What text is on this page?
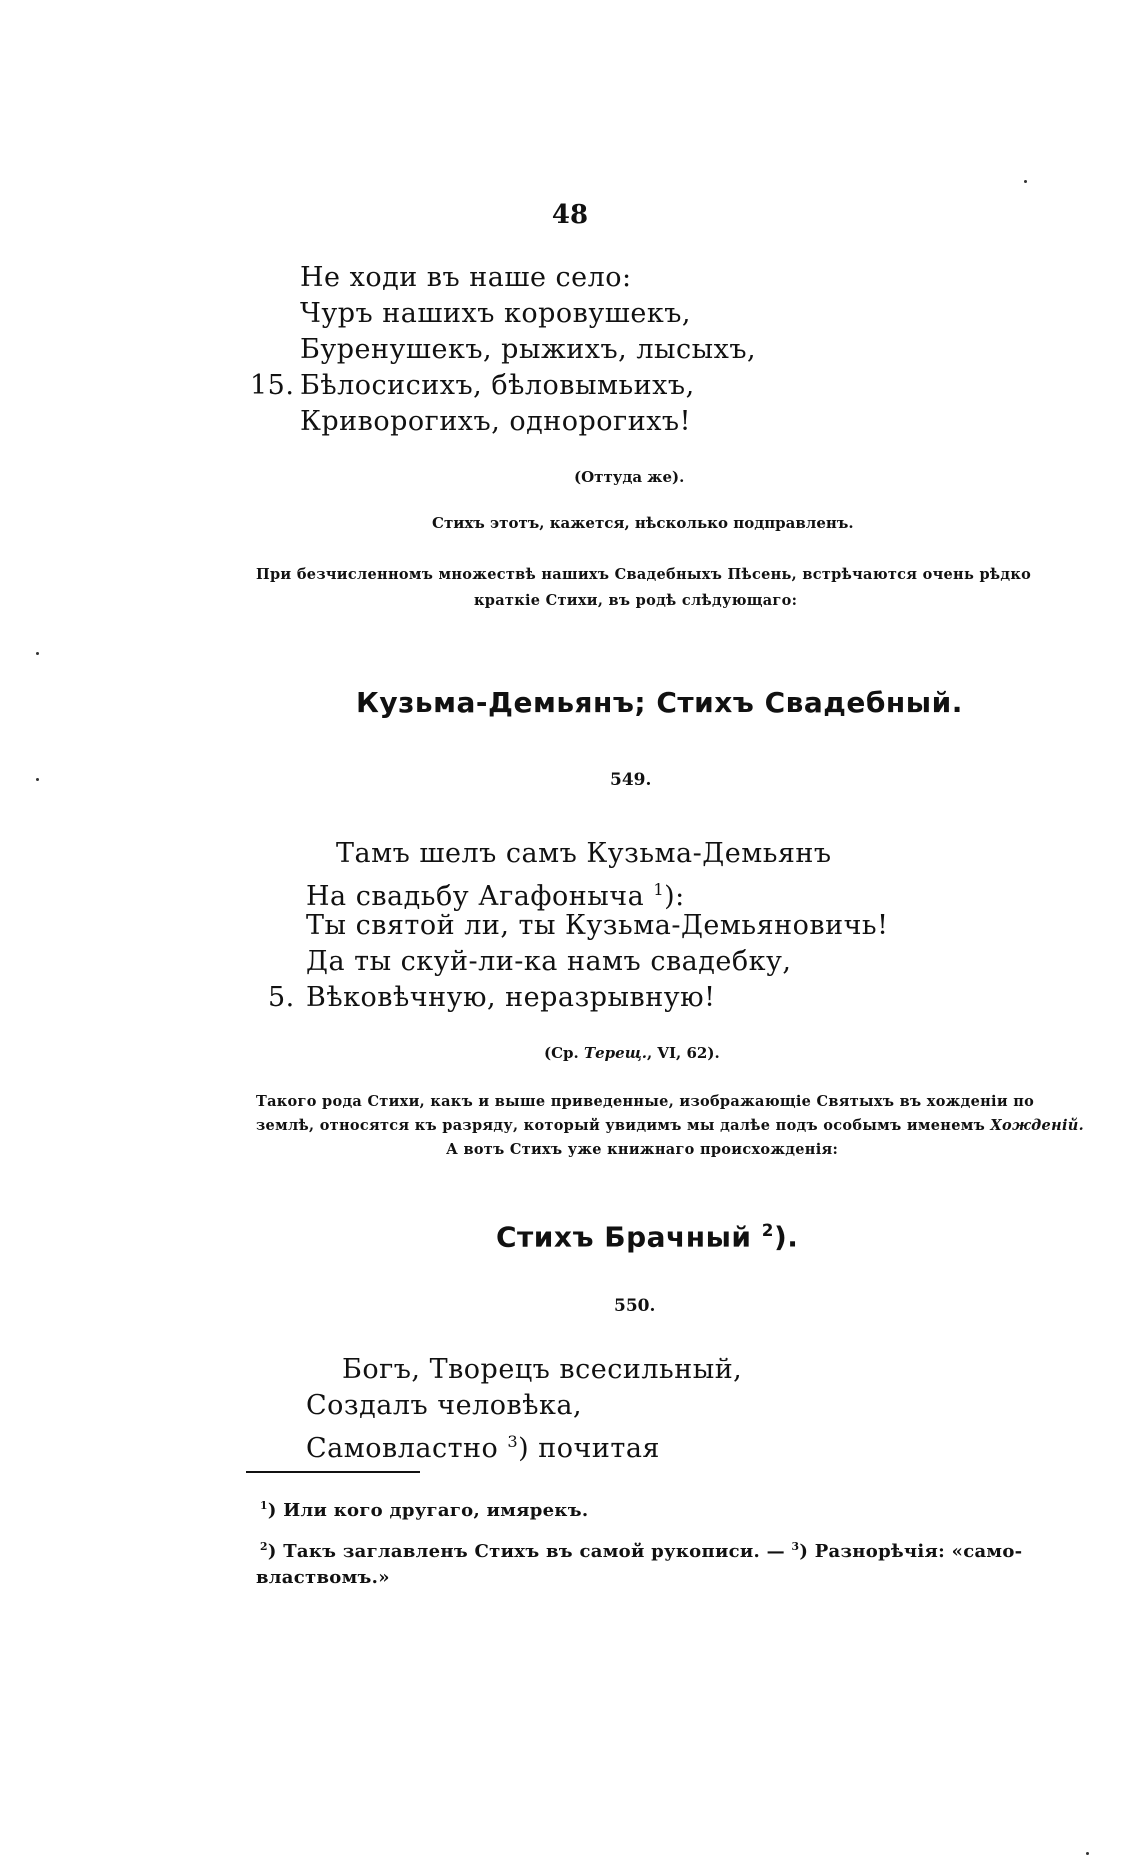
48
Не ходи въ наше село:
Чуръ нашихъ коровушекъ,
Буренушекъ, рыжихъ, лысыхъ,
15. Бѣлосисихъ, бѣловымьихъ,
Криворогихъ, однорогихъ!
(Оттуда же).
Стихъ этотъ, кажется, нѣсколько подправленъ.
При безчисленномъ множествѣ нашихъ Свадебныхъ Пѣсень, встрѣчаются очень рѣдко
краткіе Стихи, въ родѣ слѣдующаго:
Кузьма-Демьянъ; Стихъ Свадебный.
549.
Тамъ шелъ самъ Кузьма-Демьянъ
На свадьбу Агафоныча $^1$):
Ты святой ли, ты Кузьма-Демьяновичь!
Да ты скуй-ли-ка намъ свадебку,
5. Вѣковѣчную, неразрывную!
(Ср. Терещ., VI, 62).
Такого рода Стихи, какъ и выше приведенные, изображающіе Святыхъ въ хожденіи по
землѣ, относятся къ разряду, который увидимъ мы далѣе подъ особымъ именемъ Хожденій.
А вотъ Стихъ уже книжнаго происхожденія:
Стихъ Брачный $^2$).
550.
Богъ, Творецъ всесильный,
Создалъ человѣка,
Самовластно $^3$) почитая
$^1$) Или кого другаго, имярекъ.
$^2$) Такъ заглавленъ Стихъ въ самой рукописи. — $^3$) Разнорѣчія: «само-
властвомъ.»
